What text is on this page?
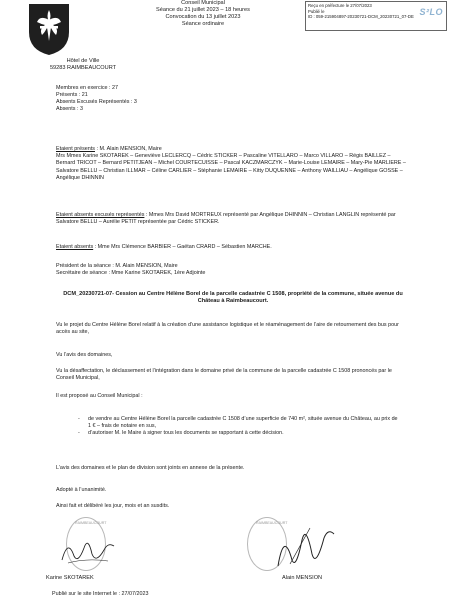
Conseil Municipal
Séance du 21 juillet 2023 – 18 heures
Convocation du 13 juillet 2023
Séance ordinaire
Reçu en préfecture le 27/07/2023
Publié le
ID : 059-215904897-20230721-DCM_20230721_07-DE S²LO
Hôtel de Ville
59283 RAIMBEAUCOURT
Membres en exercice : 27
Présents : 21
Absents Excusés Représentés : 3
Absents : 3

Etaient présents : M. Alain MENSION, Maire
Mrs Mmes Karine SKOTAREK – Geneviève LECLERCQ – Cédric STICKER – Pascaline VITELLARO – Marco VILLARO – Régis BAILLEZ – Bernard TRICOT – Bernard PETITJEAN – Michel COURTECUISSE – Pascal KACZMARCZYK – Marie-Louise LEMAIRE – Mary-Pie MARLIERE – Salvatore BELLU – Christian ILLMAR – Céline CARLIER – Stéphanie LEMAIRE – Kitty DUQUENNE – Anthony WAILLIAU – Angélique GOSSE – Angélique DHINNIN

Etaient absents excusés représentés : Mmes Mrs David MORTREUX représenté par Angélique DHINNIN – Christian LANGLIN représenté par Salvatore BELLU – Aurélie PETIT représentée par Cédric STICKER.
Etaient absents : Mme Mrs Clémence BARBIER – Gaëtan CRARD – Sébastien MARCHE.
Président de la séance : M. Alain MENSION, Maire
Secrétaire de séance : Mme Karine SKOTAREK, 1ère Adjointe
DCM_20230721-07- Cession au Centre Hélène Borel de la parcelle cadastrée C 1508, propriété de la commune, située avenue du Château à Raimbeaucourt.
Vu le projet du Centre Hélène Borel relatif à la création d’une assistance logistique et le réaménagement de l’aire de retournement des bus pour accès au site,
Vu l’avis des domaines,
Vu la désaffectation, le déclassement et l’intégration dans le domaine privé de la commune de la parcelle cadastrée C 1508 prononcés par le Conseil Municipal,
Il est proposé au Conseil Municipal :
-	de vendre au Centre Hélène Borel la parcelle cadastrée C 1508 d’une superficie de 740 m², située avenue du Château, au prix de 1 € – frais de notaire en sus,
-	d’autoriser M. le Maire à signer tous les documents se rapportant à cette décision.
L’avis des domaines et le plan de division sont joints en annexe de la présente.
Adopté à l’unanimité.
Ainsi fait et délibéré les jour, mois et an susdits.
RAIMBEAUCOURT	RAIMBEAUCOURT
Karine SKOTAREK	Alain MENSION
Publié sur le site Internet le : 27/07/2023
